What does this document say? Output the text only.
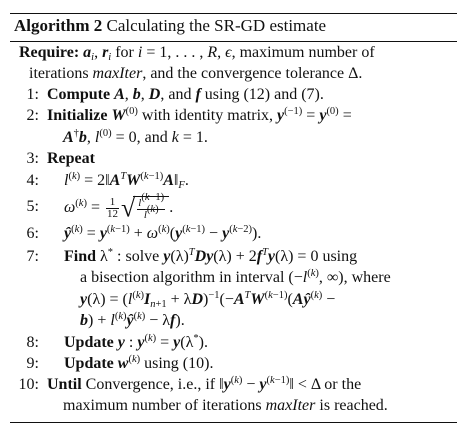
Algorithm 2 Calculating the SR-GD estimate
Require: $a_i$, $r_i$ for i = 1, . . . , R, ϵ, maximum number of
iterations maxIter, and the convergence tolerance Δ.
1: Compute A, b, D, and f using (12) and (7).
2: Initialize $W^{(0)}$ with identity matrix, $y^{(-1)} = y^{(0)}$ =
A†b, $l^{(0)} = 0$, and k = 1.
3: Repeat
4: $l^{(k)}$ = $2‖A^TW^{(k-1)}A‖_F$.
5: $\omega^{(k)} = \frac{1}{12}$ √ $\frac{l^{(k-1)}}{l^{(k)}}$ .
6: $ŷ^{(k)} = y^{(k-1)} + \omega^{(k)}(y^{(k-1)} - y^{(k-2)})$.
7: Find λ* : solve $y(\lambda)^TDy(\lambda) + 2f^Ty(\lambda) = 0$ using
a bisection algorithm in interval ($-l^{(k)}$, ∞), where
$y(\lambda) = (l^{(k)}I_{n+1}$ + $\lambda D)^{-1}(-A^TW^{(k-1)}(Aŷ^{(k)}$ −
$b) + l^{(k)}ŷ^{(k)} - \lambda f$).
8: Update y : $y^{(k)} = y(\lambda^*)$.
9: Update $w^{(k)}$ using (10).
10: Until Convergence, i.e., if $‖y^{(k)}$ − $y^{(k-1)}‖ < \Delta$ or the
maximum number of iterations maxIter is reached.
